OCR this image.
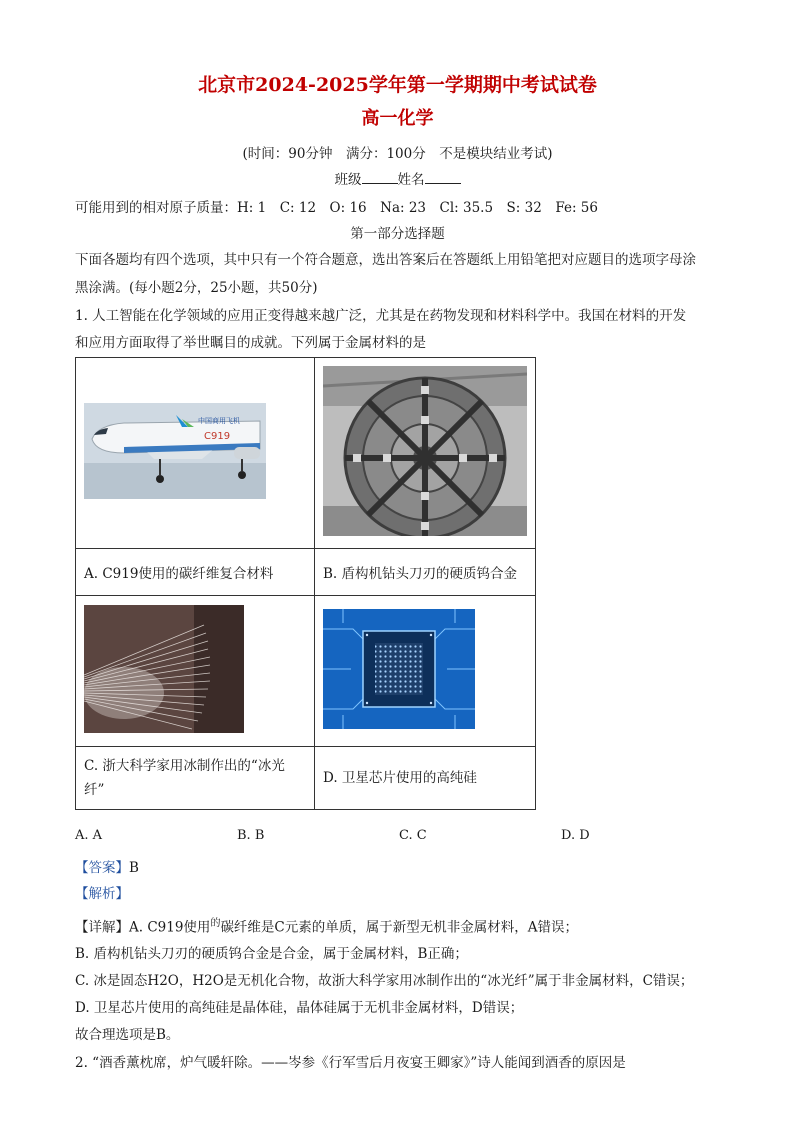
北京市2024-2025学年第一学期期中考试试卷
高一化学
(时间：90分钟　满分：100分　不是模块结业考试)
班级	姓名
可能用到的相对原子质量：H: 1　C: 12　O: 16　Na: 23　Cl: 35.5　S: 32　Fe: 56
第一部分选择题
下面各题均有四个选项，其中只有一个符合题意，选出答案后在答题纸上用铅笔把对应题目的选项字母涂
黑涂满。(每小题2分，25小题，共50分)
1. 人工智能在化学领域的应用正变得越来越广泛，尤其是在药物发现和材料科学中。我国在材料的开发
和应用方面取得了举世瞩目的成就。下列属于金属材料的是
中国商用飞机
C919

A. C919使用的碳纤维复合材料	B. 盾构机钻头刀刃的硬质钨合金

C. 浙大科学家用冰制作出的“冰光
纤”	D. 卫星芯片使用的高纯硅
A. A	B. B	C. C	D. D
【答案】B
【解析】
【详解】A. C919使用$^的$碳纤维是C元素的单质，属于新型无机非金属材料，A错误；
B. 盾构机钻头刀刃的硬质钨合金是合金，属于金属材料，B正确；
C. 冰是固态H2O，H2O是无机化合物，故浙大科学家用冰制作出的“冰光纤”属于非金属材料，C错误；
D. 卫星芯片使用的高纯硅是晶体硅，晶体硅属于无机非金属材料，D错误；
故合理选项是B。
2. “酒香薰枕席，炉气暖轩除。——岑参《行军雪后月夜宴王卿家》”诗人能闻到酒香的原因是
